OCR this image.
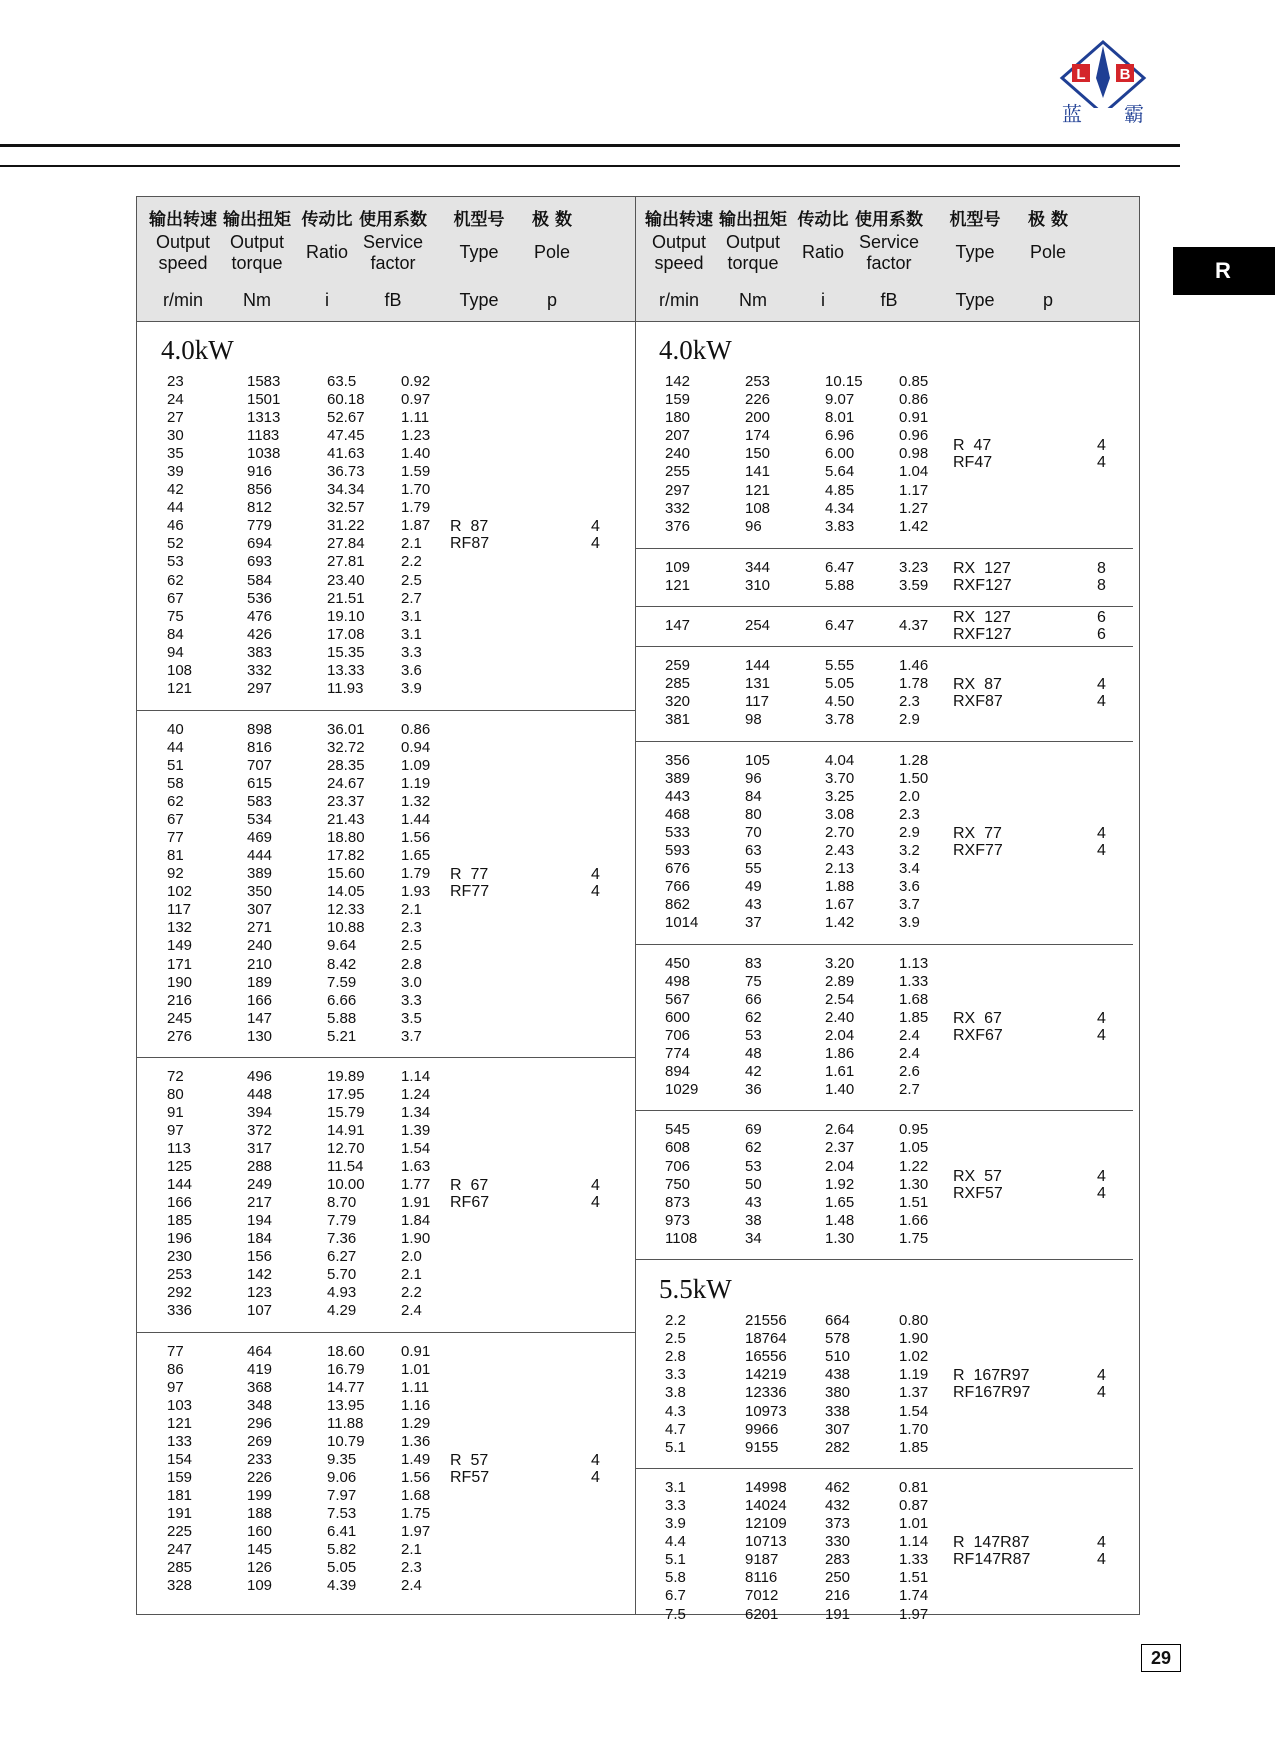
L B
蓝 霸
R
输出转速
Output speed
r/min
输出扭矩
Output torque
Nm
传动比
Ratio
i
使用系数
Service factor
fB
机型号
Type
Type
极 数
Pole
p
输出转速
Output speed
r/min
输出扭矩
Output torque
Nm
传动比
Ratio
i
使用系数
Service factor
fB
机型号
Type
Type
极 数
Pole
p
4.0kW
23	1583	63.5	0.92
24	1501	60.18 0.97
27	1313	52.67 1.11
30	1183	47.45 1.23
35	1038	41.63 1.40
39	916	36.73 1.59
42	856	34.34 1.70
44	812	32.57 1.79
46	779	31.22 1.87
52	694	27.84 2.1
53	693	27.81 2.2
62	584	23.40 2.5
67	536	21.51 2.7
75	476	19.10 3.1
84	426	17.08 3.1
94	383	15.35 3.3
108	332	13.33 3.6
121	297	11.93	3.9
R  87
RF87
4
4
40	898	36.01 0.86
44	816	32.72 0.94
51	707	28.35 1.09
58	615	24.67 1.19
62	583	23.37 1.32
67	534	21.43 1.44
77	469	18.80 1.56
81	444	17.82 1.65
92	389	15.60 1.79
102	350	14.05 1.93
117	307	12.33 2.1
132	271	10.88 2.3
149	240	9.64	2.5
171	210	8.42	2.8
190	189	7.59	3.0
216	166	6.66	3.3
245	147	5.88	3.5
276	130	5.21	3.7
R  77
RF77
4
4
72	496	19.89 1.14
80	448	17.95 1.24
91	394	15.79 1.34
97	372	14.91 1.39
113	317	12.70 1.54
125	288	11.54	1.63
144	249	10.00 1.77
166	217	8.70	1.91
185	194	7.79	1.84
196	184	7.36	1.90
230	156	6.27	2.0
253	142	5.70	2.1
292	123	4.93	2.2
336	107	4.29	2.4
R  67
RF67
4
4
77	464	18.60 0.91
86	419	16.79 1.01
97	368	14.77 1.11
103	348	13.95 1.16
121	296	11.88	1.29
133	269	10.79 1.36
154	233	9.35	1.49
159	226	9.06	1.56
181	199	7.97	1.68
191	188	7.53	1.75
225	160	6.41	1.97
247	145	5.82	2.1
285	126	5.05	2.3
328	109	4.39	2.4
R  57
RF57
4
4
4.0kW
142	253	10.15 0.85
159	226	9.07	0.86
180	200	8.01	0.91
207	174	6.96	0.96
240	150	6.00	0.98
255	141	5.64	1.04
297	121	4.85	1.17
332	108	4.34	1.27
376	96	3.83	1.42
R  47
RF47
4
4
109	344	6.47	3.23
121	310	5.88	3.59
RX  127
RXF127
8
8
147	254	6.47	4.37 RX  127
RXF127
6
6
259	144	5.55	1.46
285	131	5.05	1.78
320	117	4.50	2.3
381	98	3.78	2.9
RX  87
RXF87
4
4
356	105	4.04	1.28
389	96	3.70	1.50
443	84	3.25	2.0
468	80	3.08	2.3
533	70	2.70	2.9
593	63	2.43	3.2
676	55	2.13	3.4
766	49	1.88	3.6
862	43	1.67	3.7
1014	37	1.42	3.9
RX  77
RXF77
4
4
450	83	3.20	1.13
498	75	2.89	1.33
567	66	2.54	1.68
600	62	2.40	1.85
706	53	2.04	2.4
774	48	1.86	2.4
894	42	1.61	2.6
1029	36	1.40	2.7
RX  67
RXF67
4
4
545	69	2.64	0.95
608	62	2.37	1.05
706	53	2.04	1.22
750	50	1.92	1.30
873	43	1.65	1.51
973	38	1.48	1.66
1108	34	1.30	1.75
RX  57
RXF57
4
4
5.5kW
2.2	21556	664	0.80
2.5	18764	578	1.90
2.8	16556	510	1.02
3.3	14219	438	1.19
3.8	12336	380	1.37
4.3	10973	338	1.54
4.7	9966	307	1.70
5.1	9155	282	1.85
R  167R97
RF167R97
4
4
3.1	14998	462	0.81
3.3	14024	432	0.87
3.9	12109	373	1.01
4.4	10713	330	1.14
5.1	9187	283	1.33
5.8	8116	250	1.51
6.7	7012	216	1.74
7.5	6201	191	1.97
R  147R87
RF147R87
4
4
29
